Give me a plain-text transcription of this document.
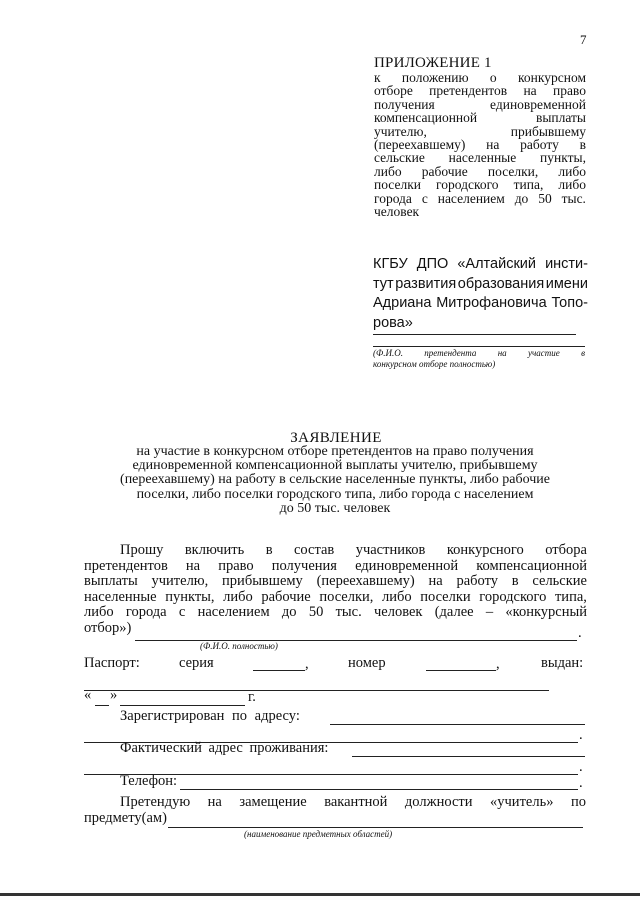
7
ПРИЛОЖЕНИЕ 1
к положению о конкурсном
отборе претендентов на право
получения	единовременной
компенсационной	выплаты
учителю,	прибывшему
(переехавшему) на работу в
сельские населенные пункты,
либо рабочие поселки, либо
поселки городского типа, либо
города с населением до 50 тыс.
человек
КГБУ ДПО «Алтайский инсти-
тут развития образования имени
Адриана Митрофановича Топо-
рова»
(Ф.И.О. претендента на участие в
конкурсном отборе полностью)
ЗАЯВЛЕНИЕ
на участие в конкурсном отборе претендентов на право получения
единовременной компенсационной выплаты учителю, прибывшему
(переехавшему) на работу в сельские населенные пункты, либо рабочие
поселки, либо поселки городского типа, либо города с населением
до 50 тыс. человек
Прошу включить в состав участников конкурсного отбора
претендентов на право получения единовременной компенсационной
выплаты учителю, прибывшему (переехавшему) на работу в сельские
населенные пункты, либо рабочие поселки, либо поселки городского типа,
либо города с населением до 50 тыс. человек (далее – «конкурсный
отбор»)	.
(Ф.И.О. полностью)
Паспорт:	серия	,	номер	,	выдан:
« »	г.
Зарегистрирован по адресу:
.
Фактический адрес проживания:
.
Телефон:	.
Претендую на замещение вакантной должности «учитель» по
предмету(ам)
(наименование предметных областей)
